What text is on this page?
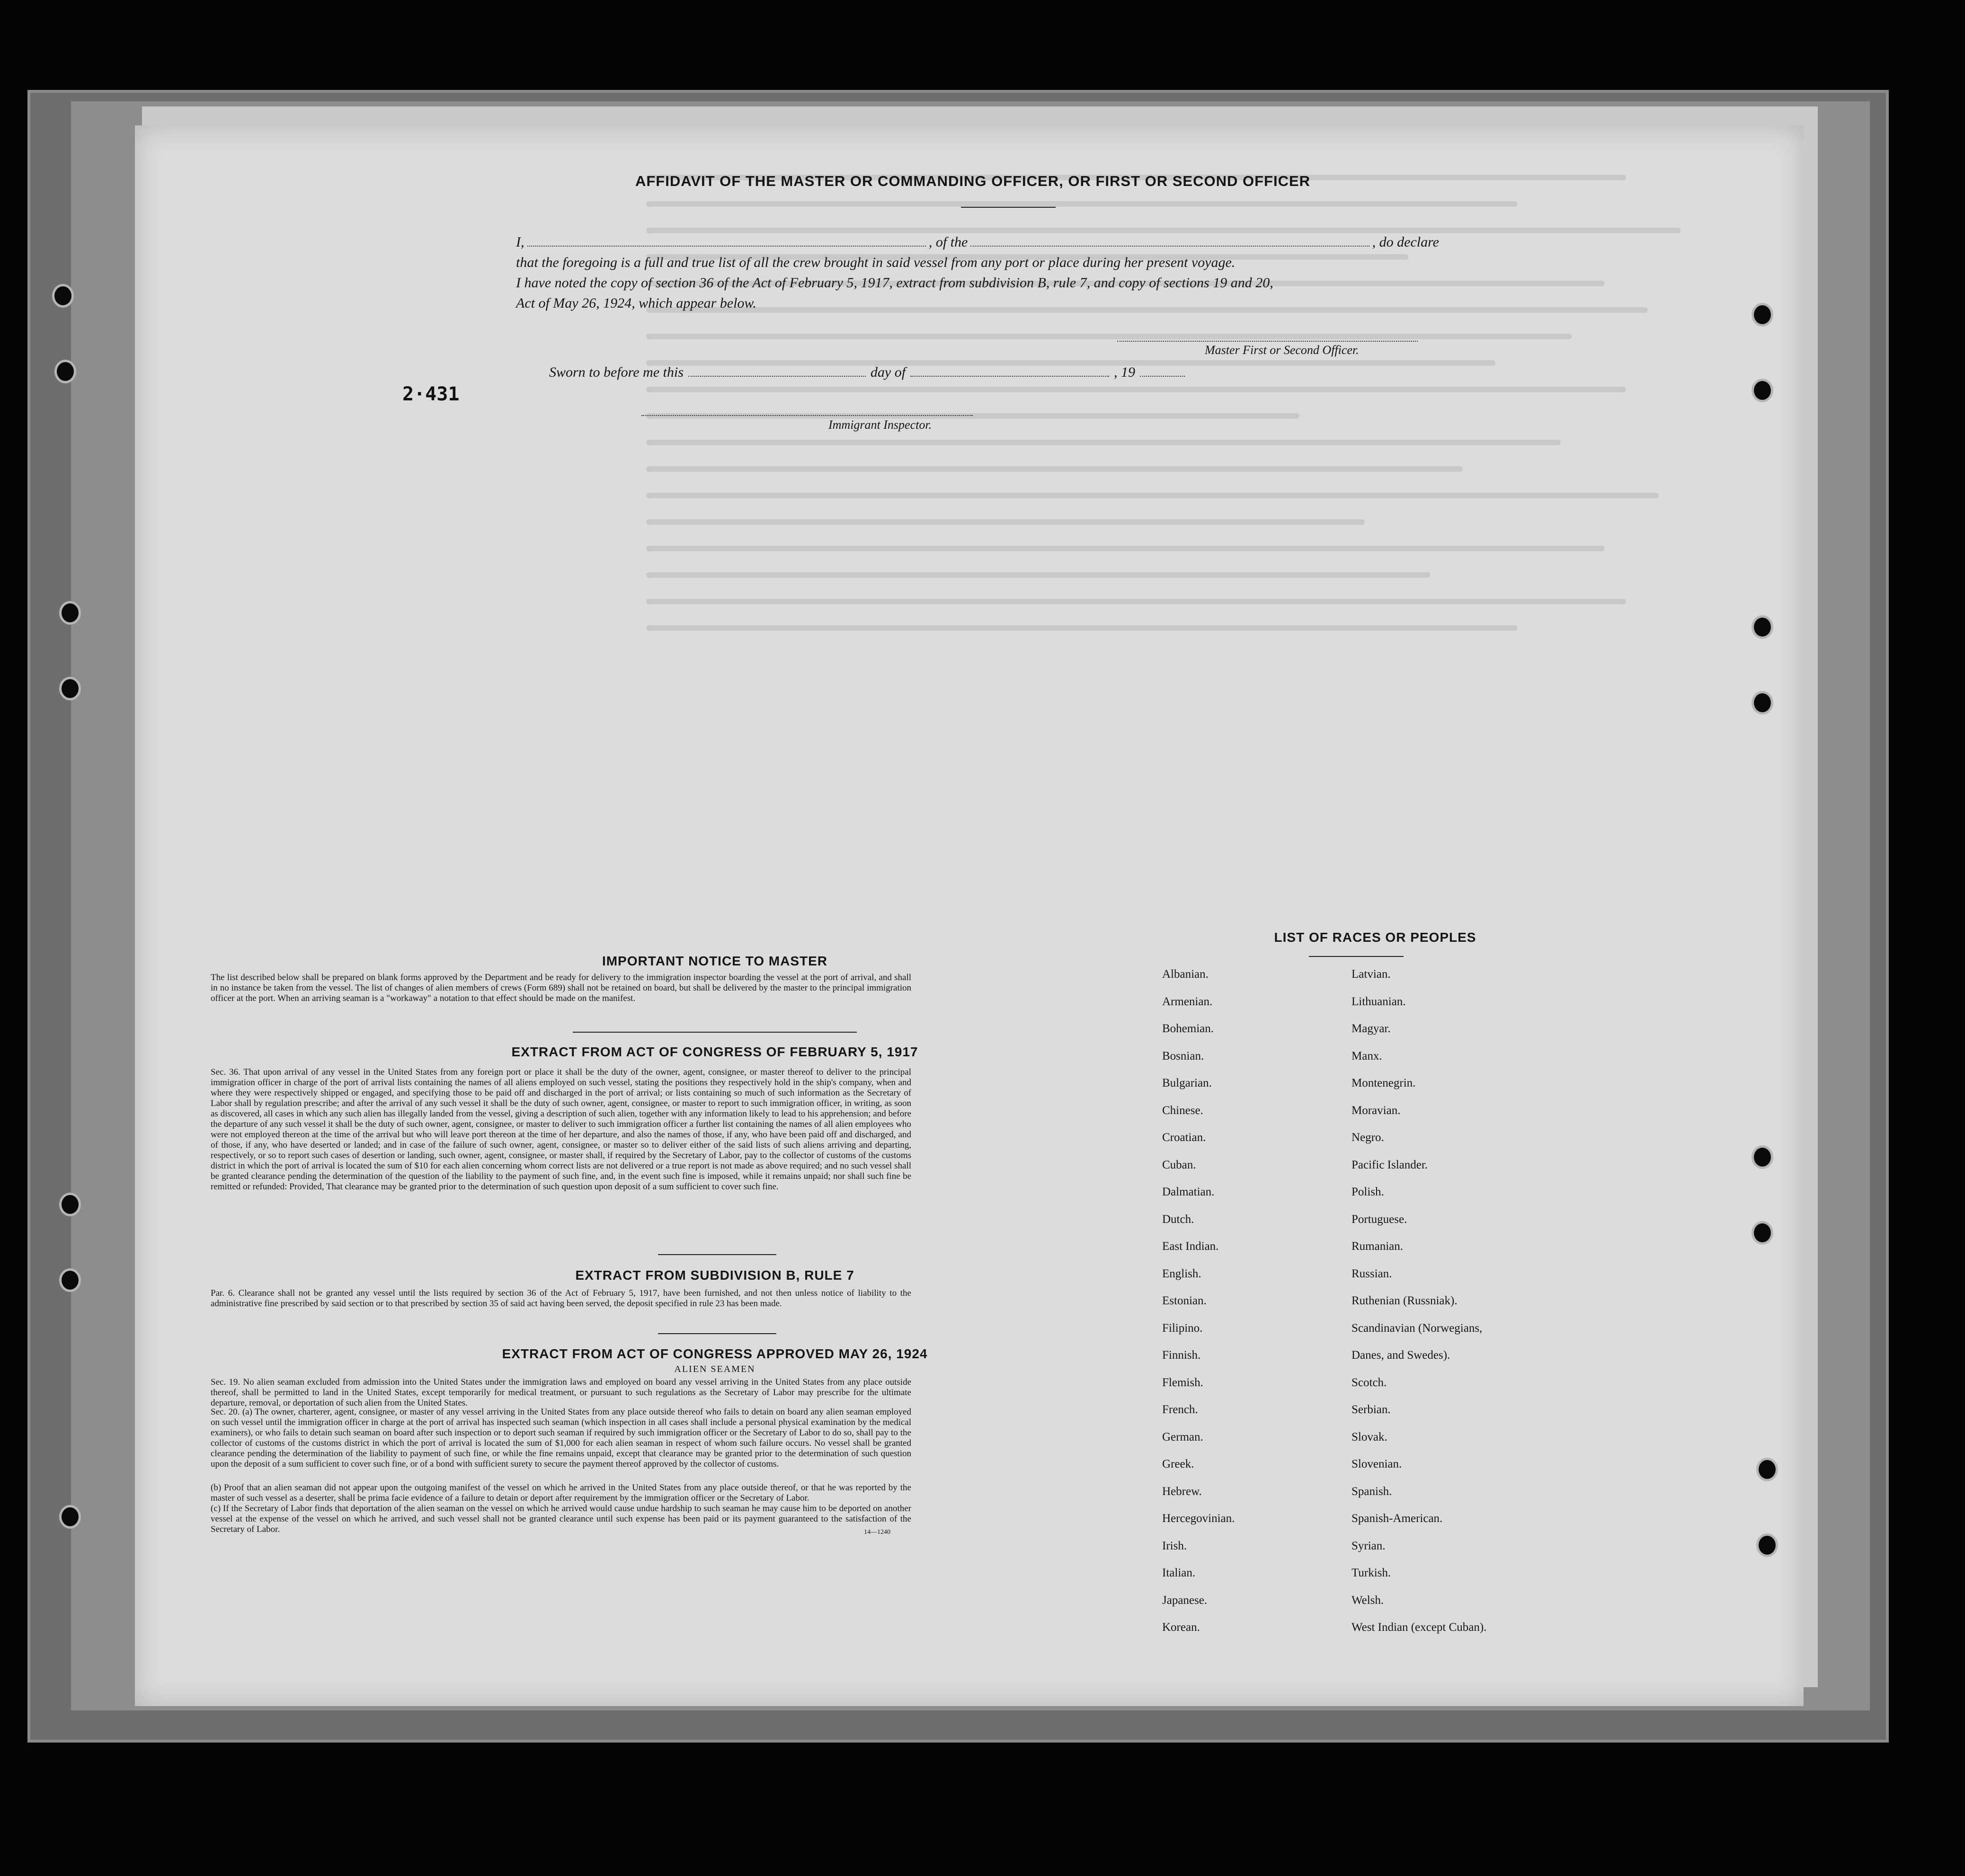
2·431
AFFIDAVIT OF THE MASTER OR COMMANDING OFFICER, OR FIRST OR SECOND OFFICER
I,	, of the	, do declare
that the foregoing is a full and true list of all the crew brought in said vessel from any port or place during her present voyage.
I have noted the copy of section 36 of the Act of February 5, 1917, extract from subdivision B, rule 7, and copy of sections 19 and 20,
Act of May 26, 1924, which appear below.
Master First or Second Officer.
Sworn to before me this	day of	, 19
Immigrant Inspector.
IMPORTANT NOTICE TO MASTER
The list described below shall be prepared on blank forms approved by the Department and be ready for delivery to the immigration inspector boarding the vessel at the port of arrival, and shall in no instance be taken from the vessel. The list of changes of alien members of crews (Form 689) shall not be retained on board, but shall be delivered by the master to the principal immigration officer at the port. When an arriving seaman is a "workaway" a notation to that effect should be made on the manifest.
EXTRACT FROM ACT OF CONGRESS OF FEBRUARY 5, 1917
Sec. 36. That upon arrival of any vessel in the United States from any foreign port or place it shall be the duty of the owner, agent, consignee, or master thereof to deliver to the principal immigration officer in charge of the port of arrival lists containing the names of all aliens employed on such vessel, stating the positions they respectively hold in the ship's company, when and where they were respectively shipped or engaged, and specifying those to be paid off and discharged in the port of arrival; or lists containing so much of such information as the Secretary of Labor shall by regulation prescribe; and after the arrival of any such vessel it shall be the duty of such owner, agent, consignee, or master to report to such immigration officer, in writing, as soon as discovered, all cases in which any such alien has illegally landed from the vessel, giving a description of such alien, together with any information likely to lead to his apprehension; and before the departure of any such vessel it shall be the duty of such owner, agent, consignee, or master to deliver to such immigration officer a further list containing the names of all alien employees who were not employed thereon at the time of the arrival but who will leave port thereon at the time of her departure, and also the names of those, if any, who have been paid off and discharged, and of those, if any, who have deserted or landed; and in case of the failure of such owner, agent, consignee, or master so to deliver either of the said lists of such aliens arriving and departing, respectively, or so to report such cases of desertion or landing, such owner, agent, consignee, or master shall, if required by the Secretary of Labor, pay to the collector of customs of the customs district in which the port of arrival is located the sum of $10 for each alien concerning whom correct lists are not delivered or a true report is not made as above required; and no such vessel shall be granted clearance pending the determination of the question of the liability to the payment of such fine, and, in the event such fine is imposed, while it remains unpaid; nor shall such fine be remitted or refunded: Provided, That clearance may be granted prior to the determination of such question upon deposit of a sum sufficient to cover such fine.
EXTRACT FROM SUBDIVISION B, RULE 7
Par. 6. Clearance shall not be granted any vessel until the lists required by section 36 of the Act of February 5, 1917, have been furnished, and not then unless notice of liability to the administrative fine prescribed by said section or to that prescribed by section 35 of said act having been served, the deposit specified in rule 23 has been made.
EXTRACT FROM ACT OF CONGRESS APPROVED MAY 26, 1924
ALIEN SEAMEN
Sec. 19. No alien seaman excluded from admission into the United States under the immigration laws and employed on board any vessel arriving in the United States from any place outside thereof, shall be permitted to land in the United States, except temporarily for medical treatment, or pursuant to such regulations as the Secretary of Labor may prescribe for the ultimate departure, removal, or deportation of such alien from the United States.
Sec. 20. (a) The owner, charterer, agent, consignee, or master of any vessel arriving in the United States from any place outside thereof who fails to detain on board any alien seaman employed on such vessel until the immigration officer in charge at the port of arrival has inspected such seaman (which inspection in all cases shall include a personal physical examination by the medical examiners), or who fails to detain such seaman on board after such inspection or to deport such seaman if required by such immigration officer or the Secretary of Labor to do so, shall pay to the collector of customs of the customs district in which the port of arrival is located the sum of $1,000 for each alien seaman in respect of whom such failure occurs. No vessel shall be granted clearance pending the determination of the liability to payment of such fine, or while the fine remains unpaid, except that clearance may be granted prior to the determination of such question upon the deposit of a sum sufficient to cover such fine, or of a bond with sufficient surety to secure the payment thereof approved by the collector of customs.
(b) Proof that an alien seaman did not appear upon the outgoing manifest of the vessel on which he arrived in the United States from any place outside thereof, or that he was reported by the master of such vessel as a deserter, shall be prima facie evidence of a failure to detain or deport after requirement by the immigration officer or the Secretary of Labor.
(c) If the Secretary of Labor finds that deportation of the alien seaman on the vessel on which he arrived would cause undue hardship to such seaman he may cause him to be deported on another vessel at the expense of the vessel on which he arrived, and such vessel shall not be granted clearance until such expense has been paid or its payment guaranteed to the satisfaction of the Secretary of Labor.	14—1240
LIST OF RACES OR PEOPLES
Albanian.	Latvian.
Armenian.	Lithuanian.
Bohemian.	Magyar.
Bosnian.	Manx.
Bulgarian.	Montenegrin.
Chinese.	Moravian.
Croatian.	Negro.
Cuban.	Pacific Islander.
Dalmatian.	Polish.
Dutch.	Portuguese.
East Indian.	Rumanian.
English.	Russian.
Estonian.	Ruthenian (Russniak).
Filipino.	Scandinavian (Norwegians,
Finnish.	Danes, and Swedes).
Flemish.	Scotch.
French.	Serbian.
German.	Slovak.
Greek.	Slovenian.
Hebrew.	Spanish.
Hercegovinian.	Spanish-American.
Irish.	Syrian.
Italian.	Turkish.
Japanese.	Welsh.
Korean.	West Indian (except Cuban).
